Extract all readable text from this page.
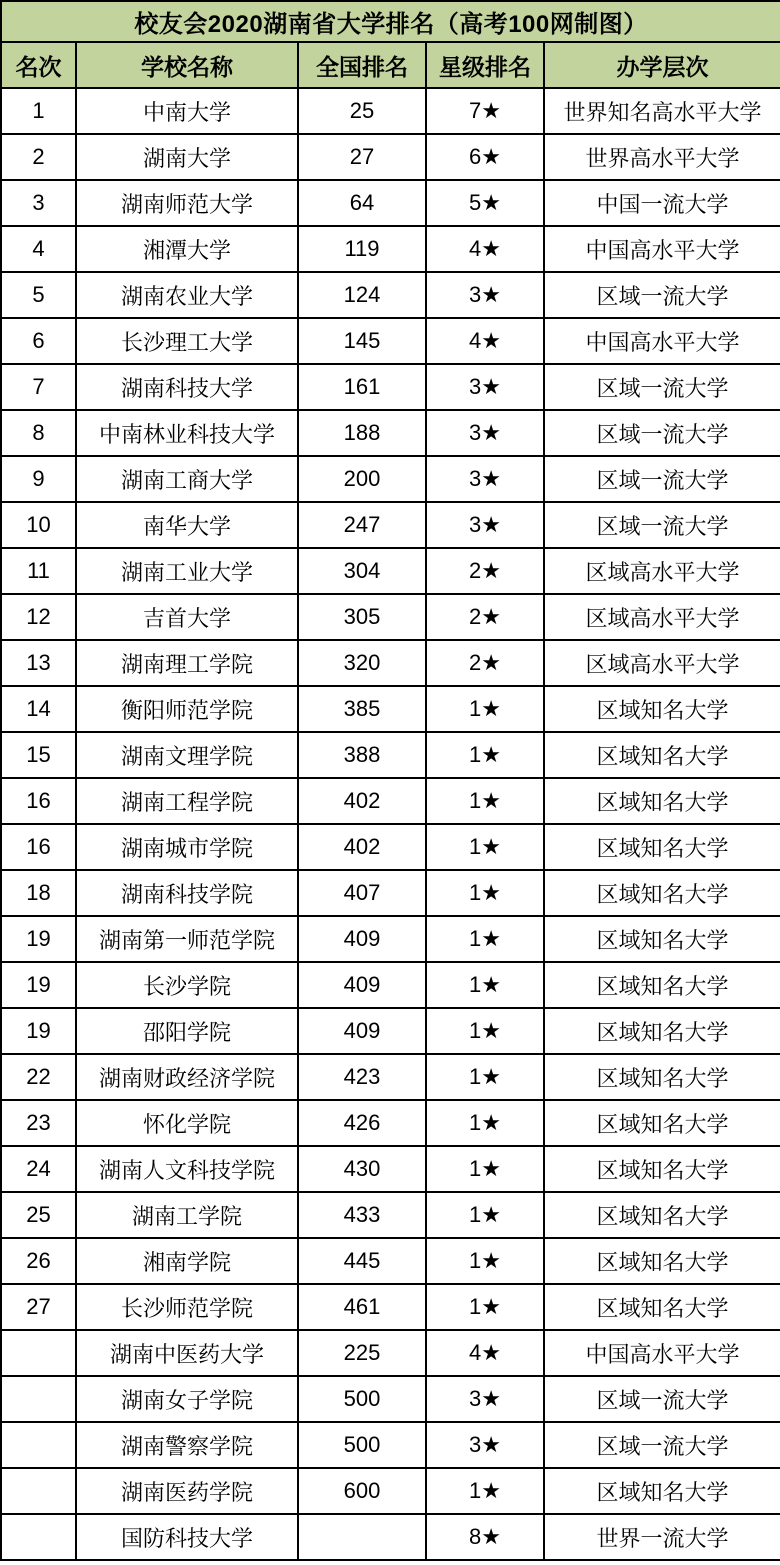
校友会2020湖南省大学排名（高考100网制图）				
名次	学校名称	全国排名	星级排名	办学层次
1	中南大学	25	7★	世界知名高水平大学
2	湖南大学	27	6★	世界高水平大学
3	湖南师范大学	64	5★	中国一流大学
4	湘潭大学	119	4★	中国高水平大学
5	湖南农业大学	124	3★	区域一流大学
6	长沙理工大学	145	4★	中国高水平大学
7	湖南科技大学	161	3★	区域一流大学
8	中南林业科技大学	188	3★	区域一流大学
9	湖南工商大学	200	3★	区域一流大学
10	南华大学	247	3★	区域一流大学
11	湖南工业大学	304	2★	区域高水平大学
12	吉首大学	305	2★	区域高水平大学
13	湖南理工学院	320	2★	区域高水平大学
14	衡阳师范学院	385	1★	区域知名大学
15	湖南文理学院	388	1★	区域知名大学
16	湖南工程学院	402	1★	区域知名大学
16	湖南城市学院	402	1★	区域知名大学
18	湖南科技学院	407	1★	区域知名大学
19	湖南第一师范学院	409	1★	区域知名大学
19	长沙学院	409	1★	区域知名大学
19	邵阳学院	409	1★	区域知名大学
22	湖南财政经济学院	423	1★	区域知名大学
23	怀化学院	426	1★	区域知名大学
24	湖南人文科技学院	430	1★	区域知名大学
25	湖南工学院	433	1★	区域知名大学
26	湘南学院	445	1★	区域知名大学
27	长沙师范学院	461	1★	区域知名大学
	湖南中医药大学	225	4★	中国高水平大学
	湖南女子学院	500	3★	区域一流大学
	湖南警察学院	500	3★	区域一流大学
	湖南医药学院	600	1★	区域知名大学
	国防科技大学		8★	世界一流大学
